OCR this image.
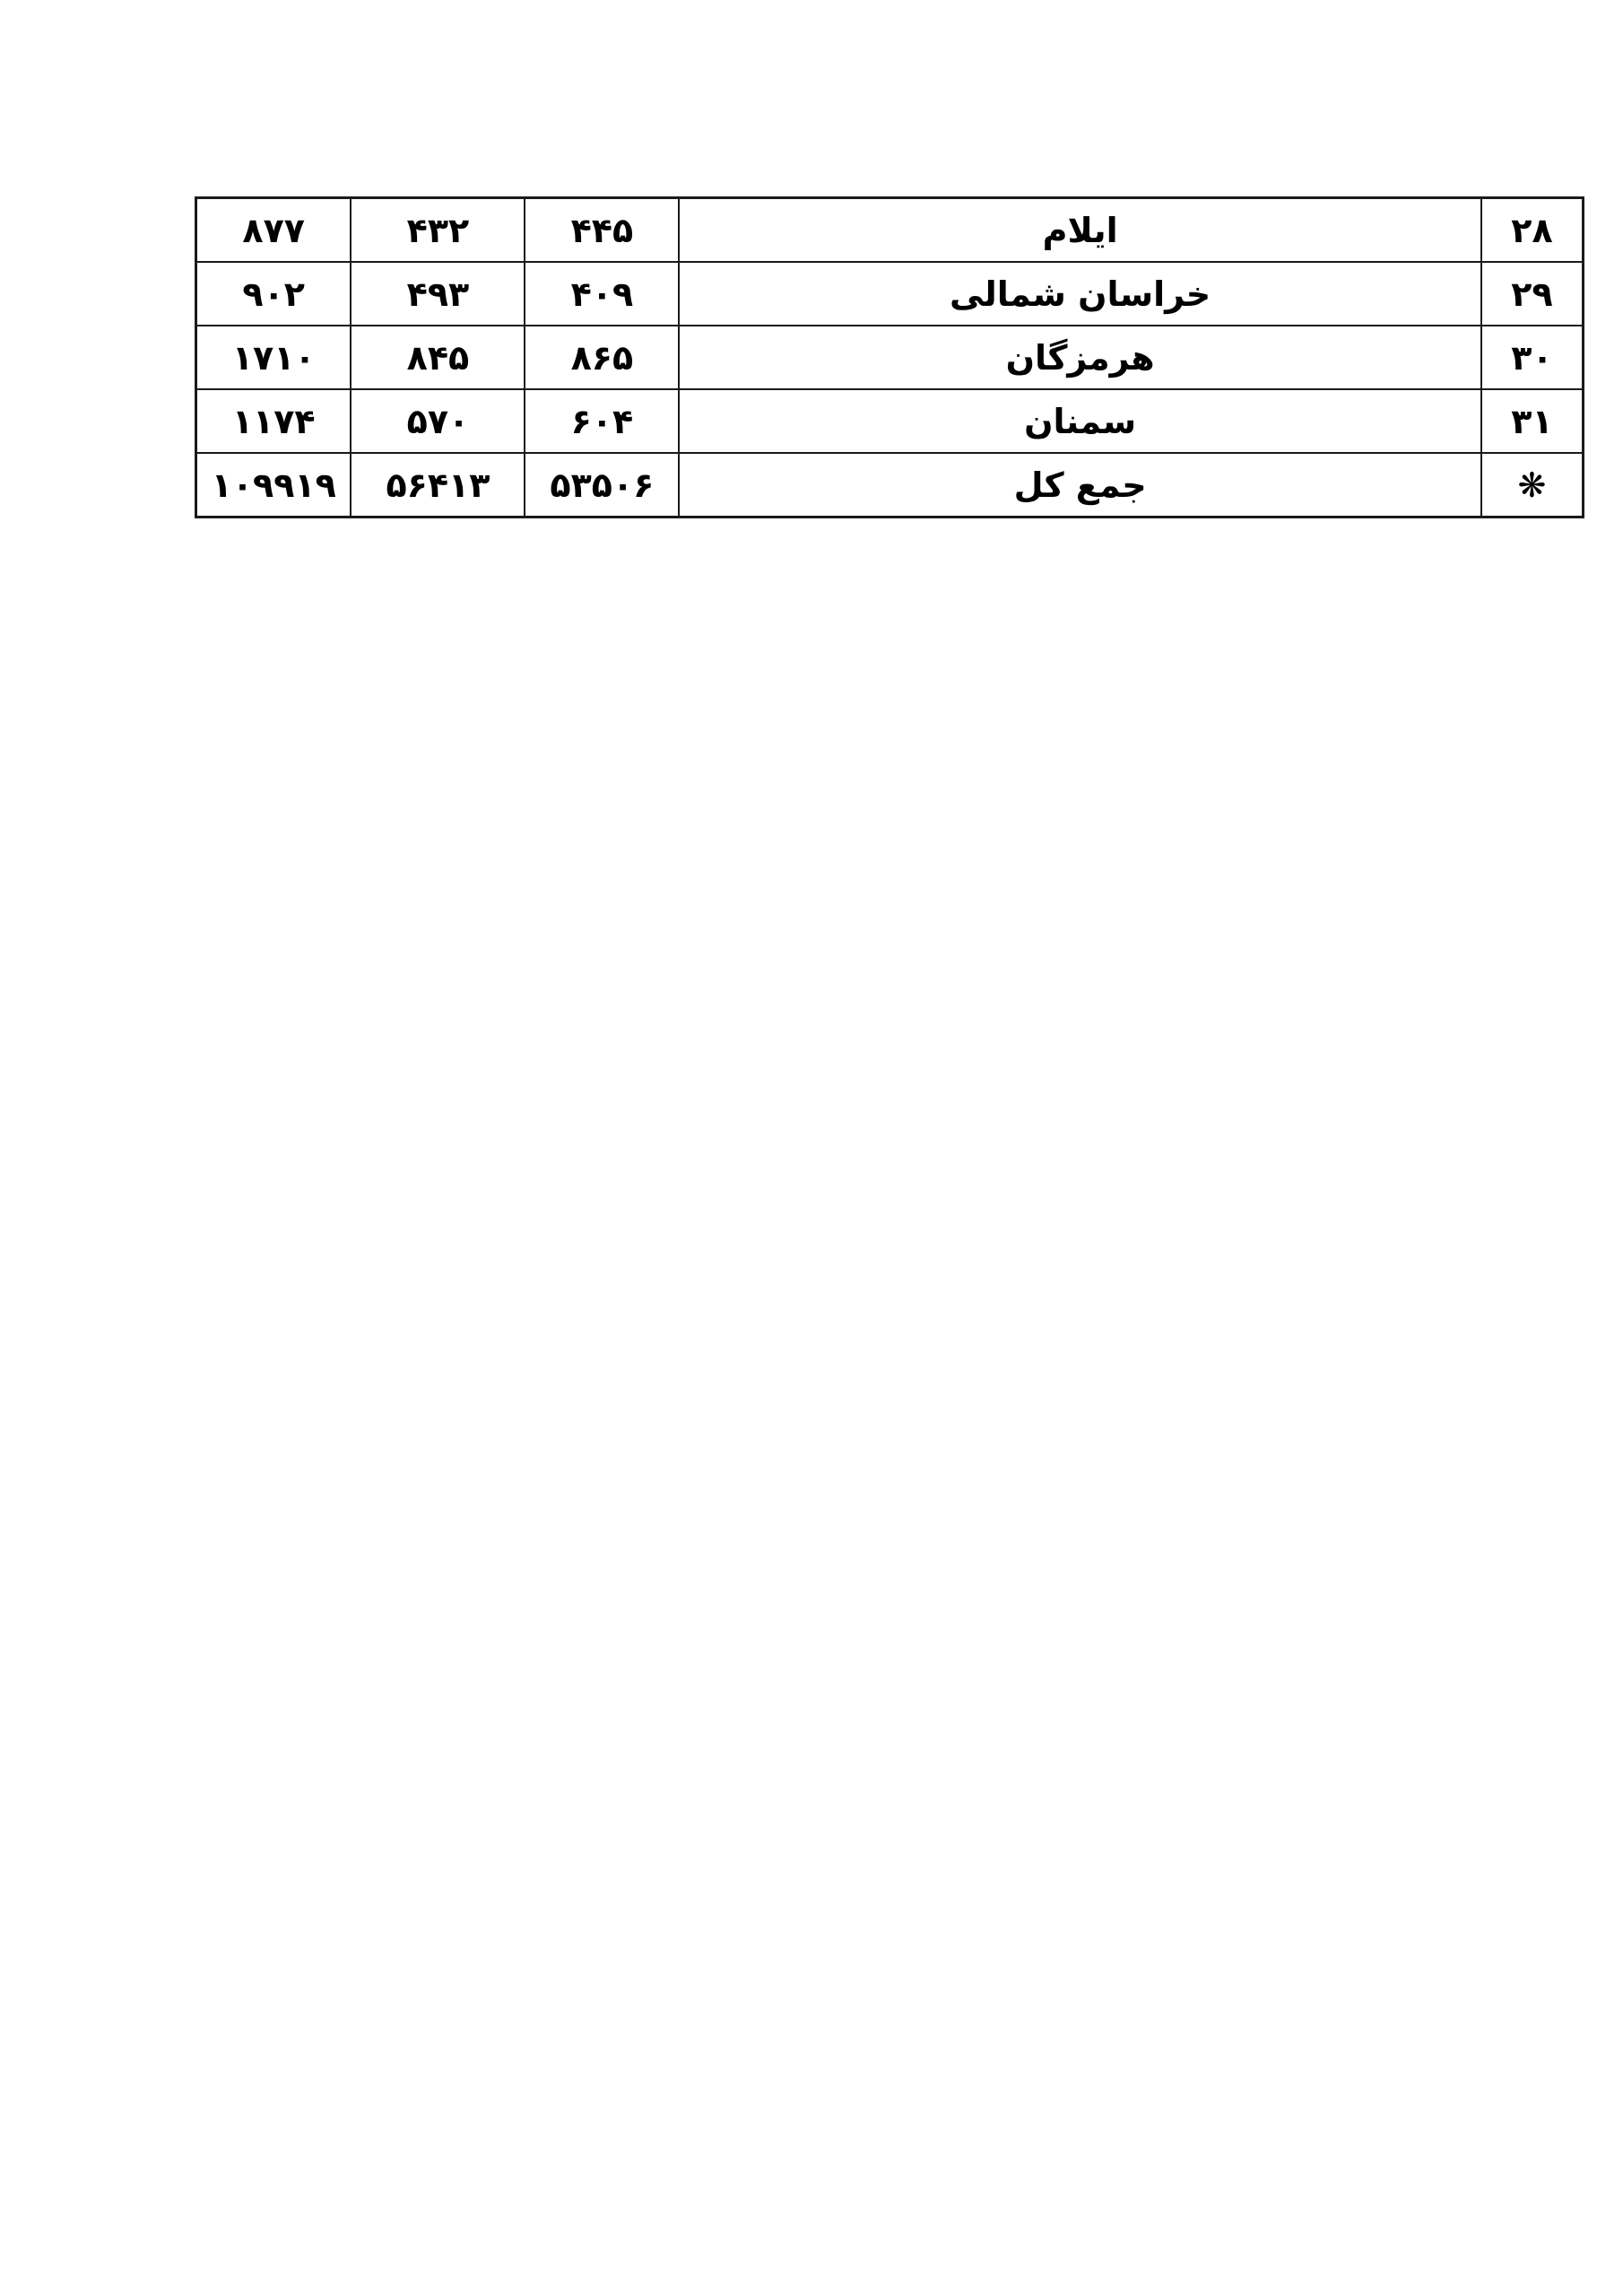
۲۸	ایلام	۴۴۵	۴۳۲	۸۷۷
۲۹	خراسان شمالی	۴۰۹	۴۹۳	۹۰۲
۳۰	هرمزگان	۸۶۵	۸۴۵	۱۷۱۰
۳۱	سمنان	۶۰۴	۵۷۰	۱۱۷۴
❋	جمع کل	۵۳۵۰۶	۵۶۴۱۳	۱۰۹۹۱۹
